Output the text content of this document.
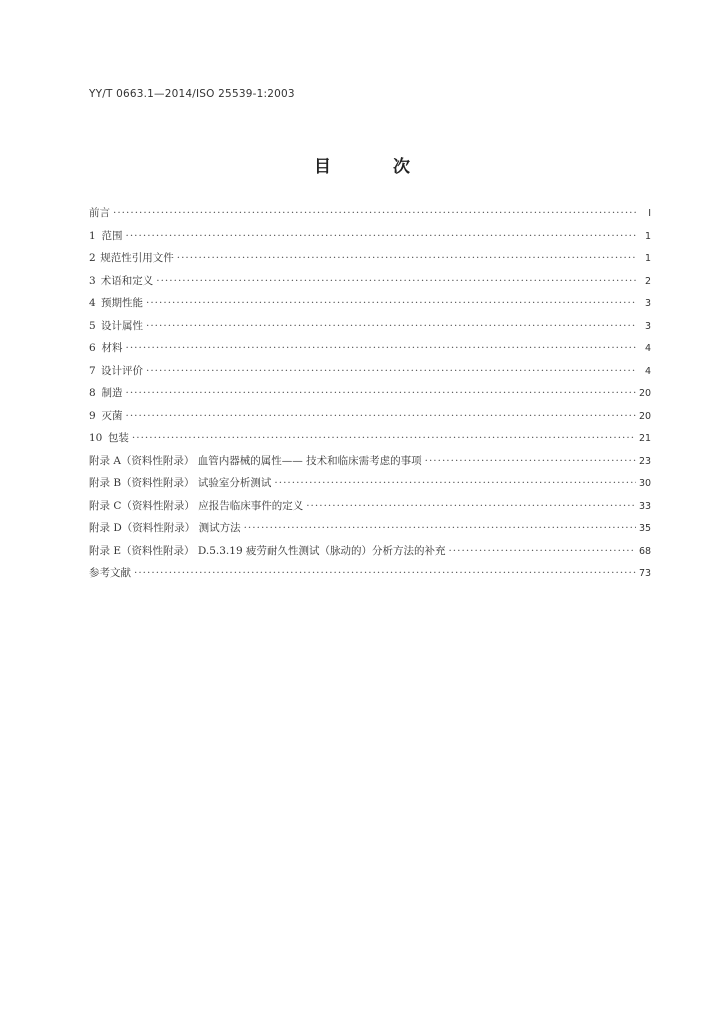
YY/T 0663.1—2014/ISO 25539-1:2003
目 次
前言 ·····	Ⅰ
1 范围 ·····	1
2 规范性引用文件 ·····	1
3 术语和定义 ·····	2
4 预期性能 ·····	3
5 设计属性 ·····	3
6 材料 ·····	4
7 设计评价 ·····	4
8 制造 ·····	20
9 灭菌 ·····	20
10 包装 ·····	21
附录 A（资料性附录） 血管内器械的属性—— 技术和临床需考虑的事项 ·····	23
附录 B（资料性附录） 试验室分析测试 ·····	30
附录 C（资料性附录） 应报告临床事件的定义 ·····	33
附录 D（资料性附录） 测试方法 ·····	35
附录 E（资料性附录） D.5.3.19 疲劳耐久性测试（脉动的）分析方法的补充 ·····	68
参考文献 ·····	73
